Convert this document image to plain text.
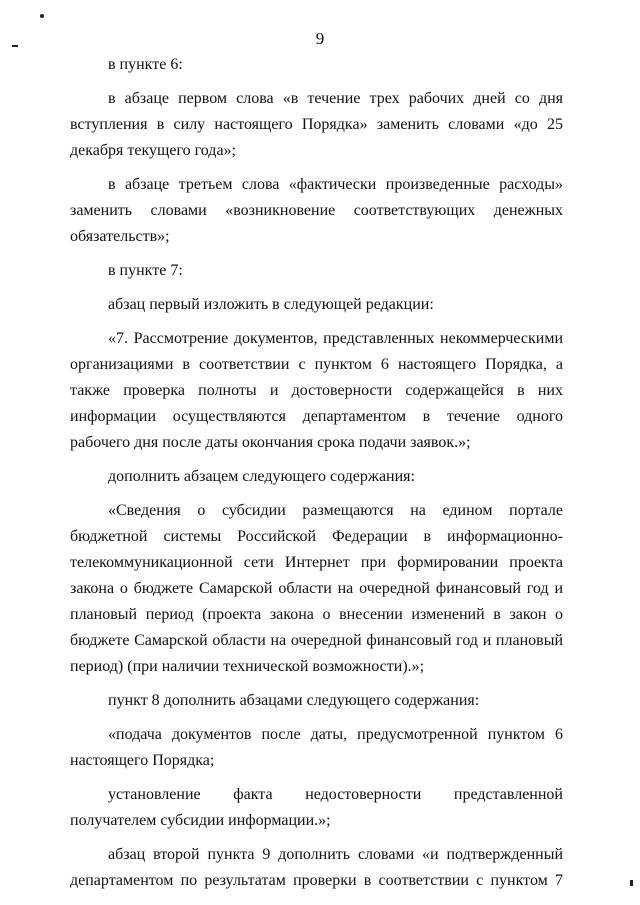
9

в пункте 6:

в абзаце первом слова «в течение трех рабочих дней со дня вступления в силу настоящего Порядка» заменить словами «до 25 декабря текущего года»;

в абзаце третьем слова «фактически произведенные расходы» заменить словами «возникновение соответствующих денежных обязательств»;

в пункте 7:

абзац первый изложить в следующей редакции:

«7. Рассмотрение документов, представленных некоммерческими организациями в соответствии с пунктом 6 настоящего Порядка, а также проверка полноты и достоверности содержащейся в них информации осуществляются департаментом в течение одного рабочего дня после даты окончания срока подачи заявок.»;

дополнить абзацем следующего содержания:

«Сведения о субсидии размещаются на едином портале бюджетной системы Российской Федерации в информационно-телекоммуникационной сети Интернет при формировании проекта закона о бюджете Самарской области на очередной финансовый год и плановый период (проекта закона о внесении изменений в закон о бюджете Самарской области на очередной финансовый год и плановый период) (при наличии технической возможности).»;

пункт 8 дополнить абзацами следующего содержания:

«подача документов после даты, предусмотренной пунктом 6 настоящего Порядка;

установление факта недостоверности представленной получателем субсидии информации.»;

абзац второй пункта 9 дополнить словами «и подтвержденный департаментом по результатам проверки в соответствии с пунктом 7
